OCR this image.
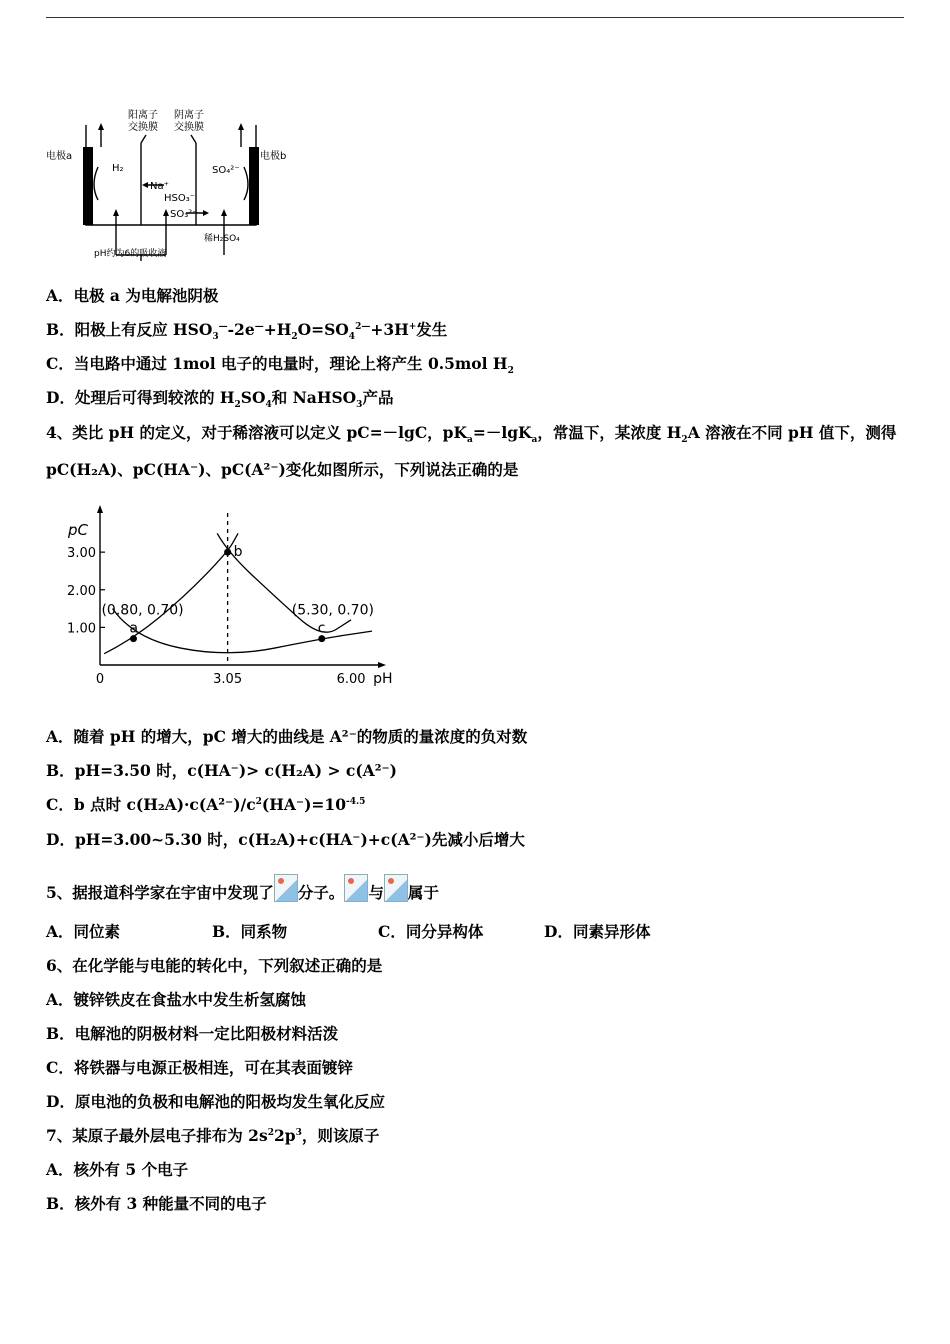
阳离子
交换膜
阴离子
交换膜
电极a	电极b
H₂
Na⁺
HSO₃⁻
SO₃²⁻
SO₄²⁻
pH约为6的吸收液
稀H₂SO₄
A．电极 a 为电解池阴极
B．阳极上有反应 $HSO_3^—-2e^—+H_2O=SO_4^{2—}+3H^+$发生
C．当电路中通过 1mol 电子的电量时，理论上将产生 0.5mol $H_2$
D．处理后可得到较浓的 $H_2SO_4$和 NaHSO$_3$产品
4、类比 pH 的定义，对于稀溶液可以定义 pC=－lgC，$pK_a=-\lg K_a$，常温下，某浓度 $H_2A$ 溶液在不同 pH 值下，测得
pC(H₂A)、pC(HA⁻)、pC(A²⁻)变化如图所示，下列说法正确的是
1.00
2.00
3.00
0	3.05	6.00
pC
pH
a
(0.80, 0.70)
b
c
(5.30, 0.70)
A．随着 pH 的增大，pC 增大的曲线是 A²⁻的物质的量浓度的负对数
B．pH=3.50 时，c(HA⁻)> c(H₂A) > c(A²⁻)
C．b 点时 $c(H_2A)\cdot c(A^{2-})/c^2(HA^-)=10^{-4.5}$
D．pH=3.00~5.30 时，c(H₂A)+c(HA⁻)+c(A²⁻)先减小后增大
5、据报道科学家在宇宙中发现了 分子。 与 属于
A．同位素	B．同系物	C．同分异构体	D．同素异形体
6、在化学能与电能的转化中，下列叙述正确的是
A．镀锌铁皮在食盐水中发生析氢腐蚀
B．电解池的阴极材料一定比阳极材料活泼
C．将铁器与电源正极相连，可在其表面镀锌
D．原电池的负极和电解池的阳极均发生氧化反应
7、某原子最外层电子排布为 $2s^22p^3$，则该原子
A．核外有 5 个电子
B．核外有 3 种能量不同的电子
